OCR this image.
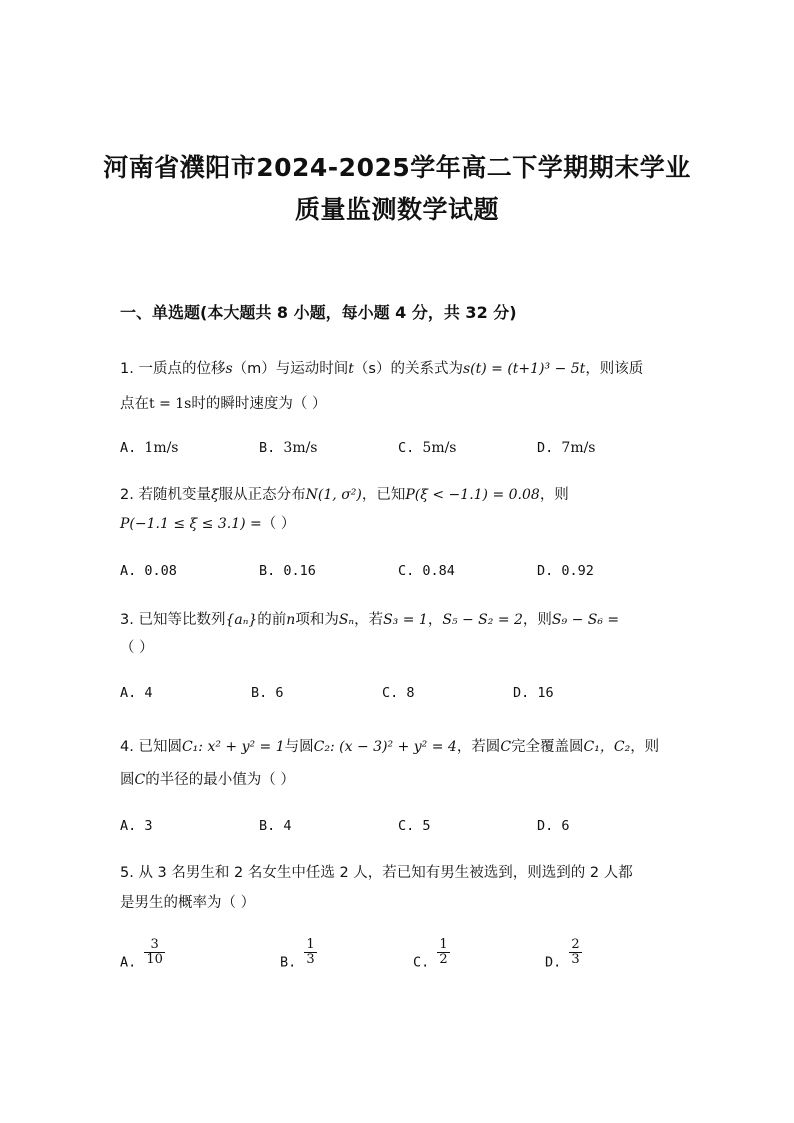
河南省濮阳市2024-2025学年高二下学期期末学业
质量监测数学试题
一、单选题(本大题共 8 小题，每小题 4 分，共 32 分)
1. 一质点的位移s（m）与运动时间t（s）的关系式为s(t) = (t+1)³ − 5t，则该质
点在t = 1s时的瞬时速度为（ ）
A. 1m/s	B. 3m/s	C. 5m/s	D. 7m/s
2. 若随机变量ξ服从正态分布N(1, σ²)，已知P(ξ < −1.1) = 0.08，则
P(−1.1 ≤ ξ ≤ 3.1) =（ ）
A. 0.08	B. 0.16	C. 0.84	D. 0.92
3. 已知等比数列{aₙ}的前n项和为Sₙ，若S₃ = 1，S₅ − S₂ = 2，则S₉ − S₆ =
（ ）
A. 4	B. 6	C. 8	D. 16
4. 已知圆C₁: x² + y² = 1与圆C₂: (x − 3)² + y² = 4，若圆C完全覆盖圆C₁，C₂，则
圆C的半径的最小值为（ ）
A. 3	B. 4	C. 5	D. 6
5. 从 3 名男生和 2 名女生中任选 2 人，若已知有男生被选到，则选到的 2 人都
是男生的概率为（ ）
A. $\frac{3}{10}$	B. $\frac{1}{3}$	C. $\frac{1}{2}$	D. $\frac{2}{3}$
